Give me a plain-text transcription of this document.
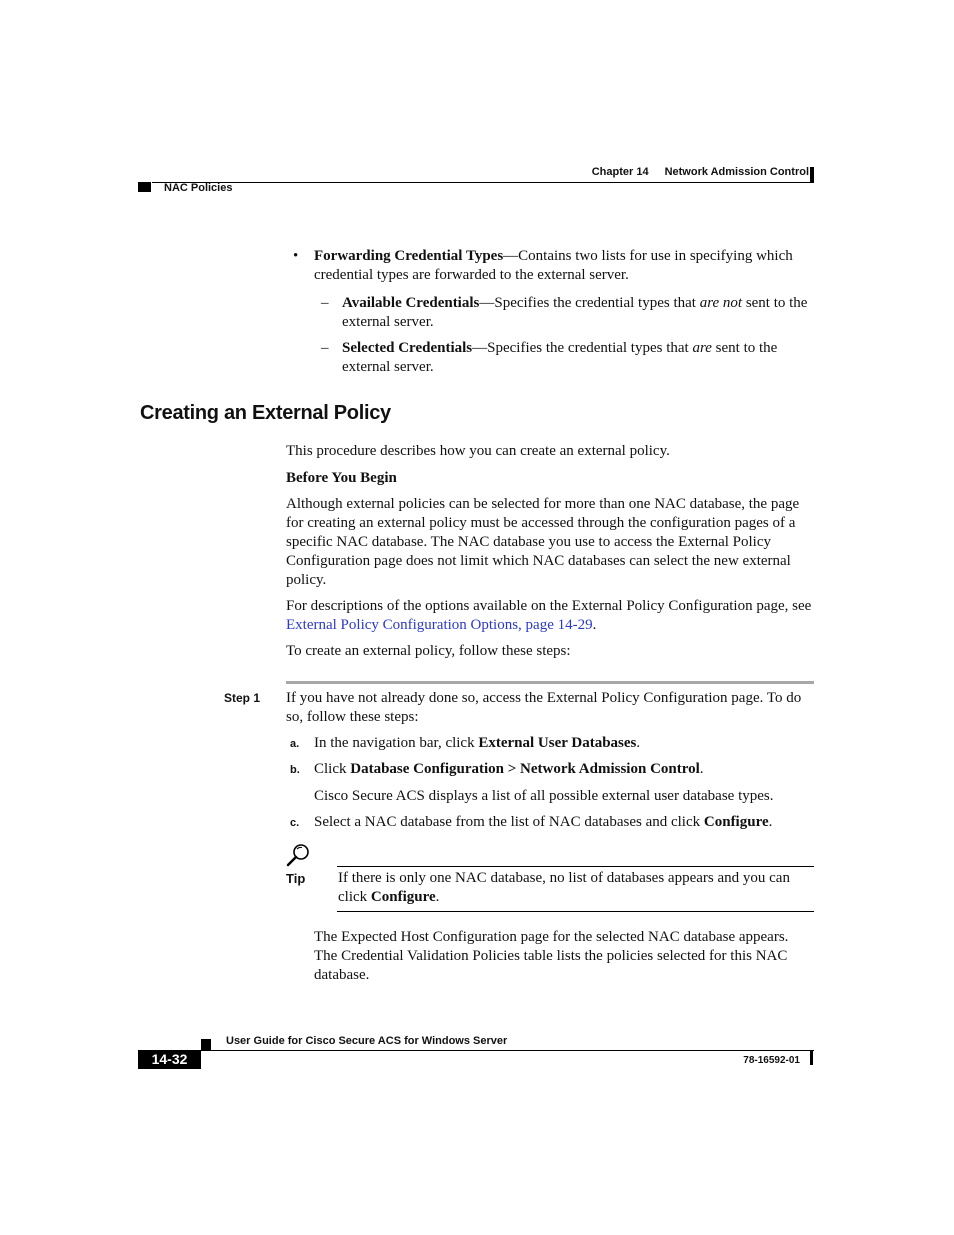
Chapter 14 Network Admission Control
NAC Policies
• Forwarding Credential Types—Contains two lists for use in specifying which credential types are forwarded to the external server.
– Available Credentials—Specifies the credential types that are not sent to the external server.
– Selected Credentials—Specifies the credential types that are sent to the external server.
Creating an External Policy
This procedure describes how you can create an external policy.
Before You Begin
Although external policies can be selected for more than one NAC database, the page for creating an external policy must be accessed through the configuration pages of a specific NAC database. The NAC database you use to access the External Policy Configuration page does not limit which NAC databases can select the new external policy.
For descriptions of the options available on the External Policy Configuration page, see External Policy Configuration Options, page 14-29.
To create an external policy, follow these steps:
Step 1 If you have not already done so, access the External Policy Configuration page. To do so, follow these steps:
a. In the navigation bar, click External User Databases.
b. Click Database Configuration > Network Admission Control.
Cisco Secure ACS displays a list of all possible external user database types.
c. Select a NAC database from the list of NAC databases and click Configure.
Tip If there is only one NAC database, no list of databases appears and you can click Configure.
The Expected Host Configuration page for the selected NAC database appears. The Credential Validation Policies table lists the policies selected for this NAC database.
User Guide for Cisco Secure ACS for Windows Server
14-32	78-16592-01
